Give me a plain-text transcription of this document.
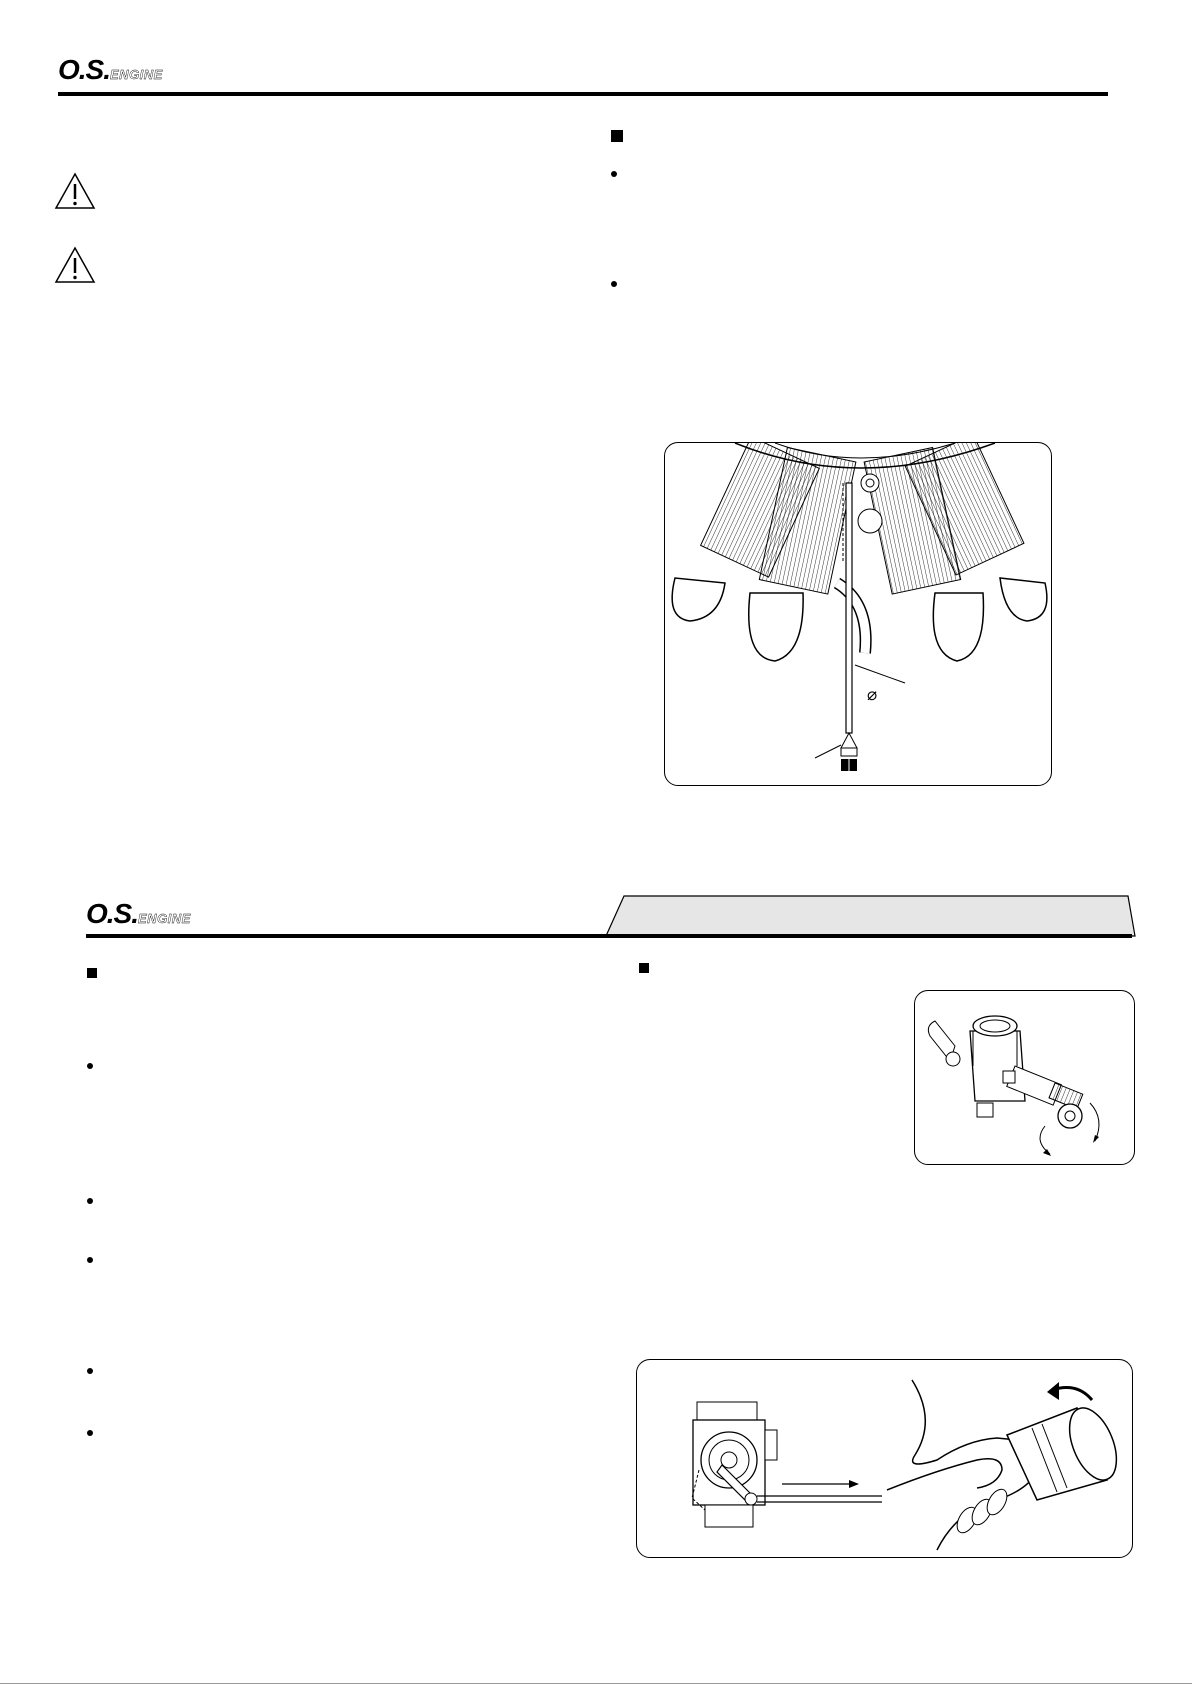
O.S.ENGINE
⌀
O.S.ENGINE
